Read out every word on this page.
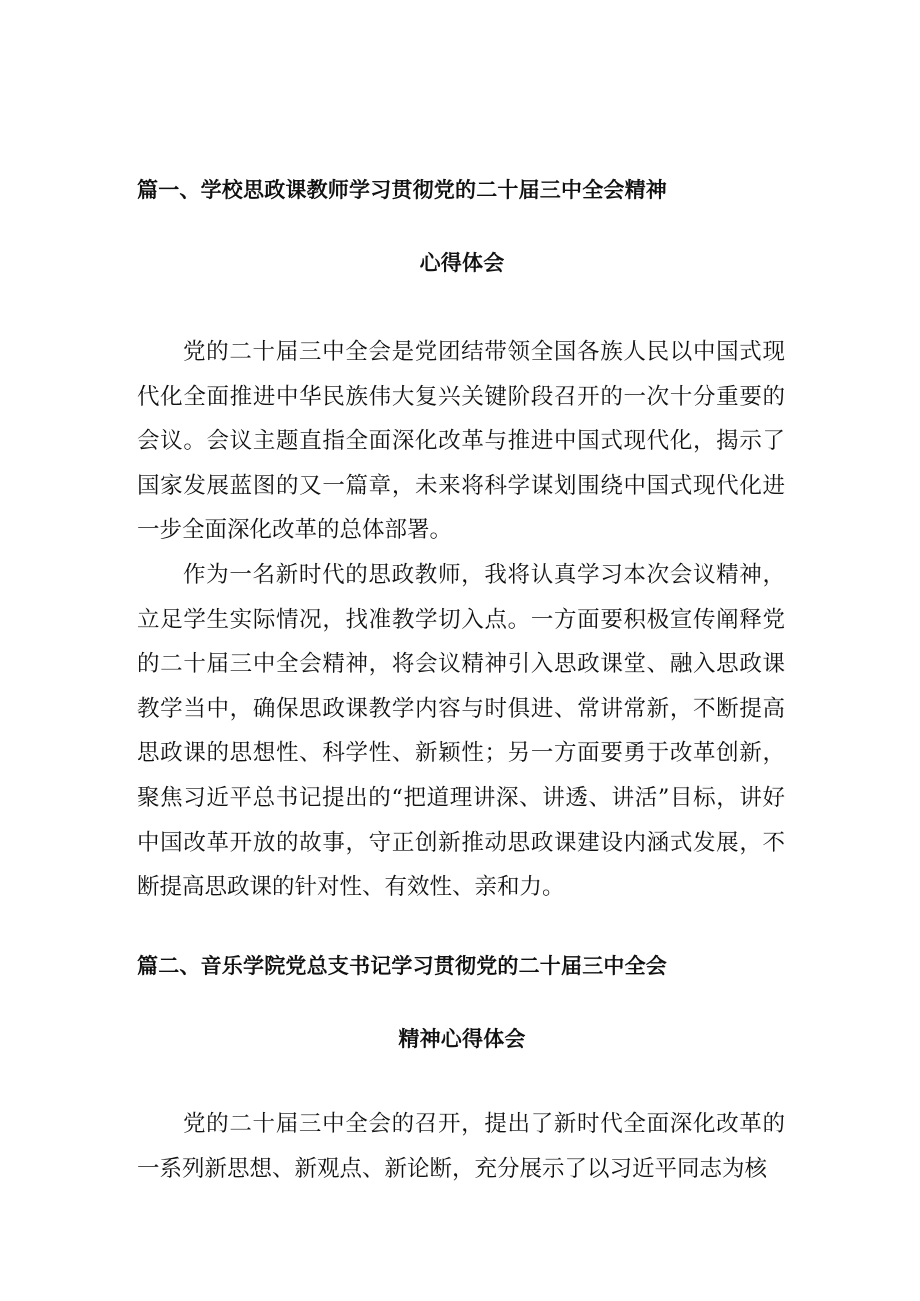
篇一、学校思政课教师学习贯彻党的二十届三中全会精神
心得体会

党的二十届三中全会是党团结带领全国各族人民以中国式现代化全面推进中华民族伟大复兴关键阶段召开的一次十分重要的会议。会议主题直指全面深化改革与推进中国式现代化，揭示了国家发展蓝图的又一篇章，未来将科学谋划围绕中国式现代化进一步全面深化改革的总体部署。

作为一名新时代的思政教师，我将认真学习本次会议精神，立足学生实际情况，找准教学切入点。一方面要积极宣传阐释党的二十届三中全会精神，将会议精神引入思政课堂、融入思政课教学当中，确保思政课教学内容与时俱进、常讲常新，不断提高思政课的思想性、科学性、新颖性；另一方面要勇于改革创新，聚焦习近平总书记提出的“把道理讲深、讲透、讲活”目标，讲好中国改革开放的故事，守正创新推动思政课建设内涵式发展，不断提高思政课的针对性、有效性、亲和力。

篇二、音乐学院党总支书记学习贯彻党的二十届三中全会
精神心得体会

党的二十届三中全会的召开，提出了新时代全面深化改革的一系列新思想、新观点、新论断，充分展示了以习近平同志为核
